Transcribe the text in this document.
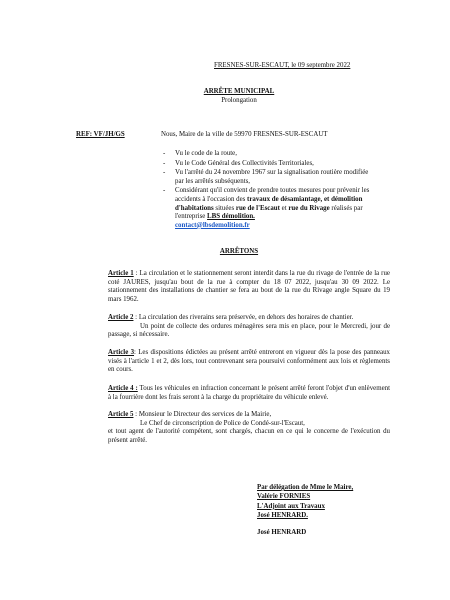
FRESNES-SUR-ESCAUT, le 09 septembre 2022
ARRÊTE MUNICIPAL
Prolongation
REF: VF/JH/GS	Nous, Maire de la ville de 59970 FRESNES-SUR-ESCAUT
- Vu le code de la route,
- Vu le Code Général des Collectivités Territoriales,
- Vu l'arrêté du 24 novembre 1967 sur la signalisation routière modifiée par les arrêtés subséquents,
- Considérant qu'il convient de prendre toutes mesures pour prévenir les accidents à l'occasion des travaux de désamiantage, et démolition d'habitations situées rue de l'Escaut et rue du Rivage réalisés par l'entreprise LBS démolition.
contact@lbsdemolition.fr
ARRÊTONS
Article 1 : La circulation et le stationnement seront interdit dans la rue du rivage de l'entrée de la rue coté JAURES, jusqu'au bout de la rue à compter du 18 07 2022, jusqu'au 30 09 2022. Le stationnement des installations de chantier se fera au bout de la rue du Rivage angle Square du 19 mars 1962.
Article 2 : La circulation des riverains sera préservée, en dehors des horaires de chantier.
Un point de collecte des ordures ménagères sera mis en place, pour le Mercredi, jour de passage, si nécessaire.
Article 3: Les dispositions édictées au présent arrêté entreront en vigueur dès la pose des panneaux visés à l'article 1 et 2, dès lors, tout contrevenant sera poursuivi conformément aux lois et règlements en cours.
Article 4 : Tous les véhicules en infraction concernant le présent arrêté feront l'objet d'un enlèvement à la fourrière dont les frais seront à la charge du propriétaire du véhicule enlevé.
Article 5 : Monsieur le Directeur des services de la Mairie,
Le Chef de circonscription de Police de Condé-sur-l'Escaut,
et tout agent de l'autorité compétent, sont chargés, chacun en ce qui le concerne de l'exécution du présent arrêté.
Par délégation de Mme le Maire,
Valérie FORNIES
L'Adjoint aux Travaux
José HENRARD.
José HENRARD
